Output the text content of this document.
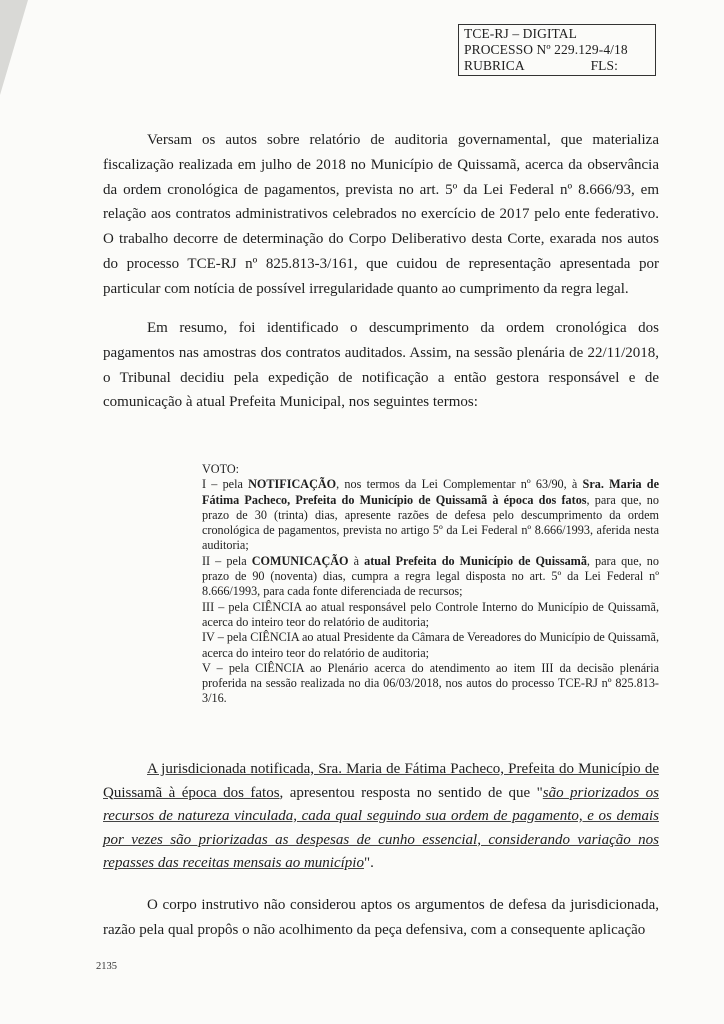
TCE-RJ – DIGITAL
PROCESSO Nº 229.129-4/18
RUBRICA	FLS:

Versam os autos sobre relatório de auditoria governamental, que materializa fiscalização realizada em julho de 2018 no Município de Quissamã, acerca da observância da ordem cronológica de pagamentos, prevista no art. 5º da Lei Federal nº 8.666/93, em relação aos contratos administrativos celebrados no exercício de 2017 pelo ente federativo. O trabalho decorre de determinação do Corpo Deliberativo desta Corte, exarada nos autos do processo TCE-RJ nº 825.813-3/161, que cuidou de representação apresentada por particular com notícia de possível irregularidade quanto ao cumprimento da regra legal.

Em resumo, foi identificado o descumprimento da ordem cronológica dos pagamentos nas amostras dos contratos auditados. Assim, na sessão plenária de 22/11/2018, o Tribunal decidiu pela expedição de notificação a então gestora responsável e de comunicação à atual Prefeita Municipal, nos seguintes termos:

VOTO:
I – pela NOTIFICAÇÃO, nos termos da Lei Complementar nº 63/90, à Sra. Maria de Fátima Pacheco, Prefeita do Município de Quissamã à época dos fatos, para que, no prazo de 30 (trinta) dias, apresente razões de defesa pelo descumprimento da ordem cronológica de pagamentos, prevista no artigo 5º da Lei Federal nº 8.666/1993, aferida nesta auditoria;
II – pela COMUNICAÇÃO à atual Prefeita do Município de Quissamã, para que, no prazo de 90 (noventa) dias, cumpra a regra legal disposta no art. 5º da Lei Federal nº 8.666/1993, para cada fonte diferenciada de recursos;
III – pela CIÊNCIA ao atual responsável pelo Controle Interno do Município de Quissamã, acerca do inteiro teor do relatório de auditoria;
IV – pela CIÊNCIA ao atual Presidente da Câmara de Vereadores do Município de Quissamã, acerca do inteiro teor do relatório de auditoria;
V – pela CIÊNCIA ao Plenário acerca do atendimento ao item III da decisão plenária proferida na sessão realizada no dia 06/03/2018, nos autos do processo TCE-RJ nº 825.813-3/16.

A jurisdicionada notificada, Sra. Maria de Fátima Pacheco, Prefeita do Município de Quissamã à época dos fatos, apresentou resposta no sentido de que "são priorizados os recursos de natureza vinculada, cada qual seguindo sua ordem de pagamento, e os demais por vezes são priorizadas as despesas de cunho essencial, considerando variação nos repasses das receitas mensais ao município".

O corpo instrutivo não considerou aptos os argumentos de defesa da jurisdicionada, razão pela qual propôs o não acolhimento da peça defensiva, com a consequente aplicação

2135
